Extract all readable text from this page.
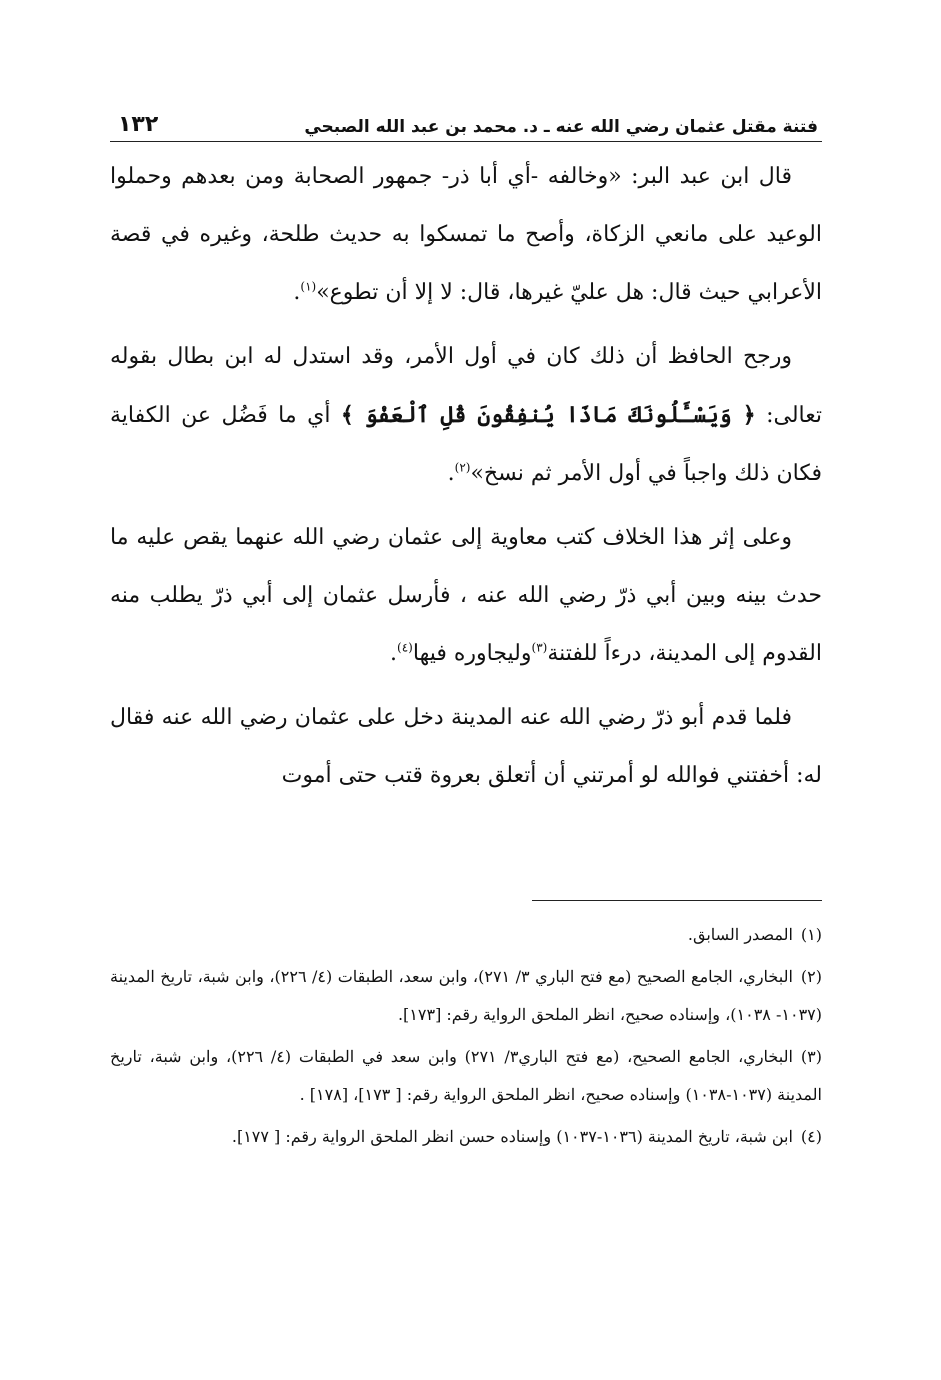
فتنة مقتل عثمان رضي الله عنه ـ د. محمد بن عبد الله الصبحي
١٣٢

قال ابن عبد البر: «وخالفه -أي أبا ذر- جمهور الصحابة ومن بعدهم وحملوا الوعيد على مانعي الزكاة، وأصح ما تمسكوا به حديث طلحة، وغيره في قصة الأعرابي حيث قال: هل عليّ غيرها، قال: لا إلا أن تطوع»$^{(١)}$.

ورجح الحافظ أن ذلك كان في أول الأمر، وقد استدل له ابن بطال بقوله تعالى: ﴿ وَيَسْـَٔلُونَكَ مَاذَا يُنفِقُونَ قُلِ ٱلْعَفْوَ ﴾ أي ما فَضُل عن الكفاية فكان ذلك واجباً في أول الأمر ثم نسخ»$^{(٢)}$.

وعلى إثر هذا الخلاف كتب معاوية إلى عثمان رضي الله عنهما يقص عليه ما حدث بينه وبين أبي ذرّ رضي الله عنه ، فأرسل عثمان إلى أبي ذرّ يطلب منه القدوم إلى المدينة، درءاً للفتنة$^{(٣)}$وليجاوره فيها$^{(٤)}$.

فلما قدم أبو ذرّ رضي الله عنه المدينة دخل على عثمان رضي الله عنه فقال له: أخفتني فوالله لو أمرتني أن أتعلق بعروة قتب حتى أموت

(١)المصدر السابق.

(٢)البخاري، الجامع الصحيح (مع فتح الباري ٣/ ٢٧١)، وابن سعد، الطبقات (٤/ ٢٢٦)، وابن شبة، تاريخ المدينة (١٠٣٧- ١٠٣٨)، وإسناده صحيح، انظر الملحق الرواية رقم: [١٧٣].

(٣)البخاري، الجامع الصحيح، (مع فتح الباري٣/ ٢٧١) وابن سعد في الطبقات (٤/ ٢٢٦)، وابن شبة، تاريخ المدينة (١٠٣٧-١٠٣٨) وإسناده صحيح، انظر الملحق الرواية رقم: [ ١٧٣]، [١٧٨] .

(٤)ابن شبة، تاريخ المدينة (١٠٣٦-١٠٣٧) وإسناده حسن انظر الملحق الرواية رقم: [ ١٧٧].
